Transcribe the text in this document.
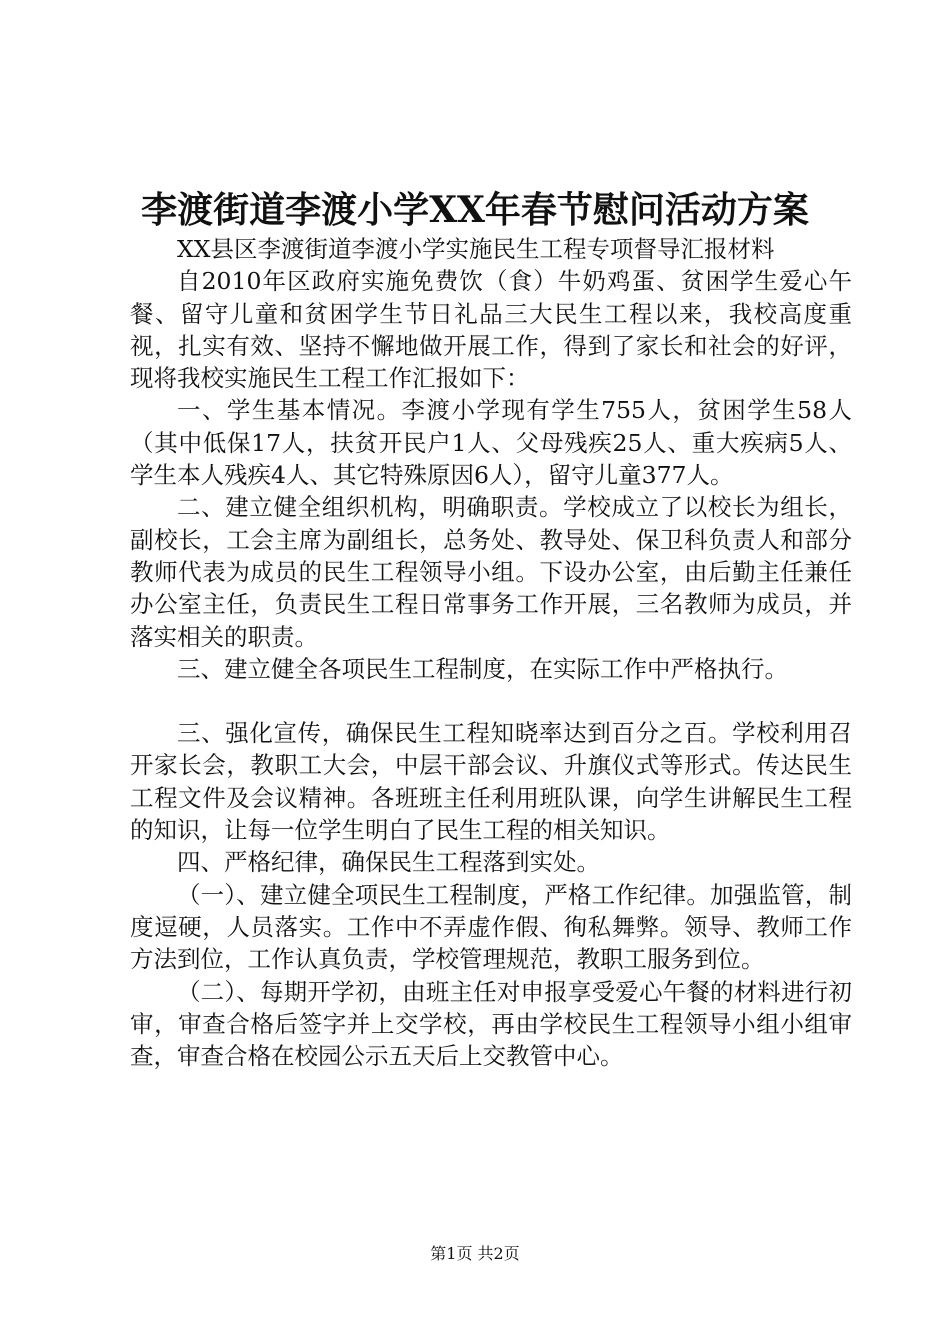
李渡街道李渡小学XX年春节慰问活动方案

XX县区李渡街道李渡小学实施民生工程专项督导汇报材料

自2010年区政府实施免费饮（食）牛奶鸡蛋、贫困学生爱心午餐、留守儿童和贫困学生节日礼品三大民生工程以来，我校高度重视，扎实有效、坚持不懈地做开展工作，得到了家长和社会的好评，现将我校实施民生工程工作汇报如下：

一、学生基本情况。李渡小学现有学生755人，贫困学生58人（其中低保17人，扶贫开民户1人、父母残疾25人、重大疾病5人、学生本人残疾4人、其它特殊原因6人），留守儿童377人。

二、建立健全组织机构，明确职责。学校成立了以校长为组长，副校长，工会主席为副组长，总务处、教导处、保卫科负责人和部分教师代表为成员的民生工程领导小组。下设办公室，由后勤主任兼任办公室主任，负责民生工程日常事务工作开展，三名教师为成员，并落实相关的职责。

三、建立健全各项民生工程制度，在实际工作中严格执行。

三、强化宣传，确保民生工程知晓率达到百分之百。学校利用召开家长会，教职工大会，中层干部会议、升旗仪式等形式。传达民生工程文件及会议精神。各班班主任利用班队课，向学生讲解民生工程的知识，让每一位学生明白了民生工程的相关知识。

四、严格纪律，确保民生工程落到实处。

（一）、建立健全项民生工程制度，严格工作纪律。加强监管，制度逗硬，人员落实。工作中不弄虚作假、徇私舞弊。领导、教师工作方法到位，工作认真负责，学校管理规范，教职工服务到位。

（二）、每期开学初，由班主任对申报享受爱心午餐的材料进行初审，审查合格后签字并上交学校，再由学校民生工程领导小组小组审查，审查合格在校园公示五天后上交教管中心。

第1页 共2页
